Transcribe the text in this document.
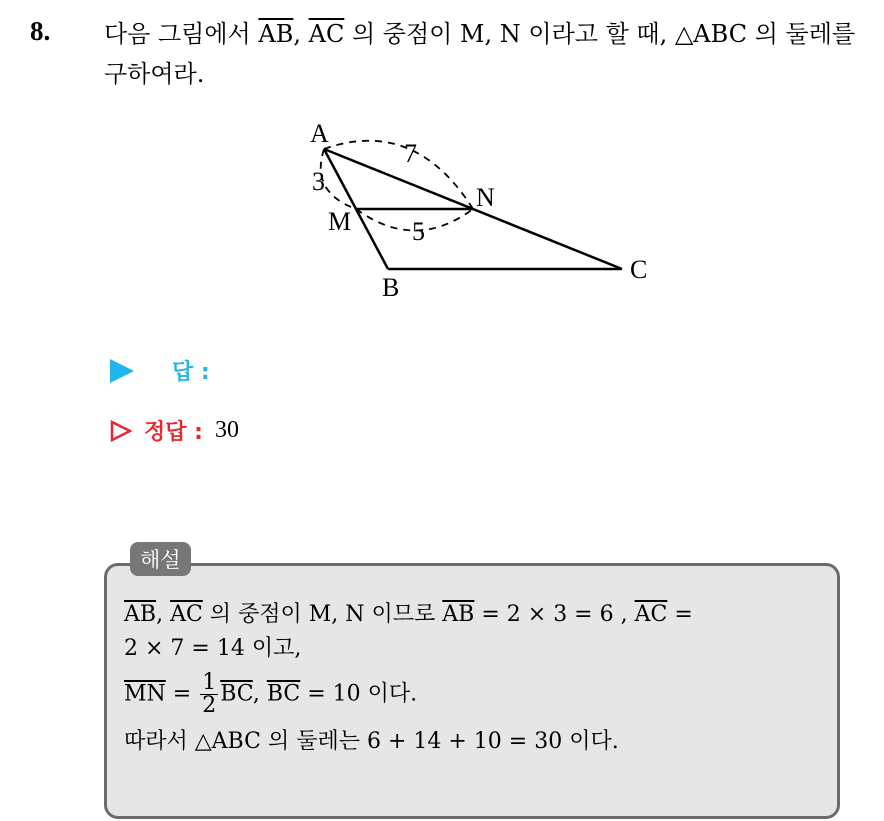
8. 다음 그림에서 $\overline{AB}$, $\overline{AC}$ 의 중점이 M, N 이라고 할 때, △ABC 의 둘레를 구하여라.
A
M
N
B
C
7
3
5
답 :
정답 : 30
해설

$\overline{AB}$, $\overline{AC}$ 의 중점이 M, N 이므로 $\overline{AB} = 2 \times 3 = 6$ , $\overline{AC}$ =

2 × 7 = 14 이고,

$\overline{MN} = \frac{1}{2} \overline{BC}$, $\overline{BC} = 10$ 이다.

따라서 △ABC 의 둘레는 6 + 14 + 10 = 30 이다.
